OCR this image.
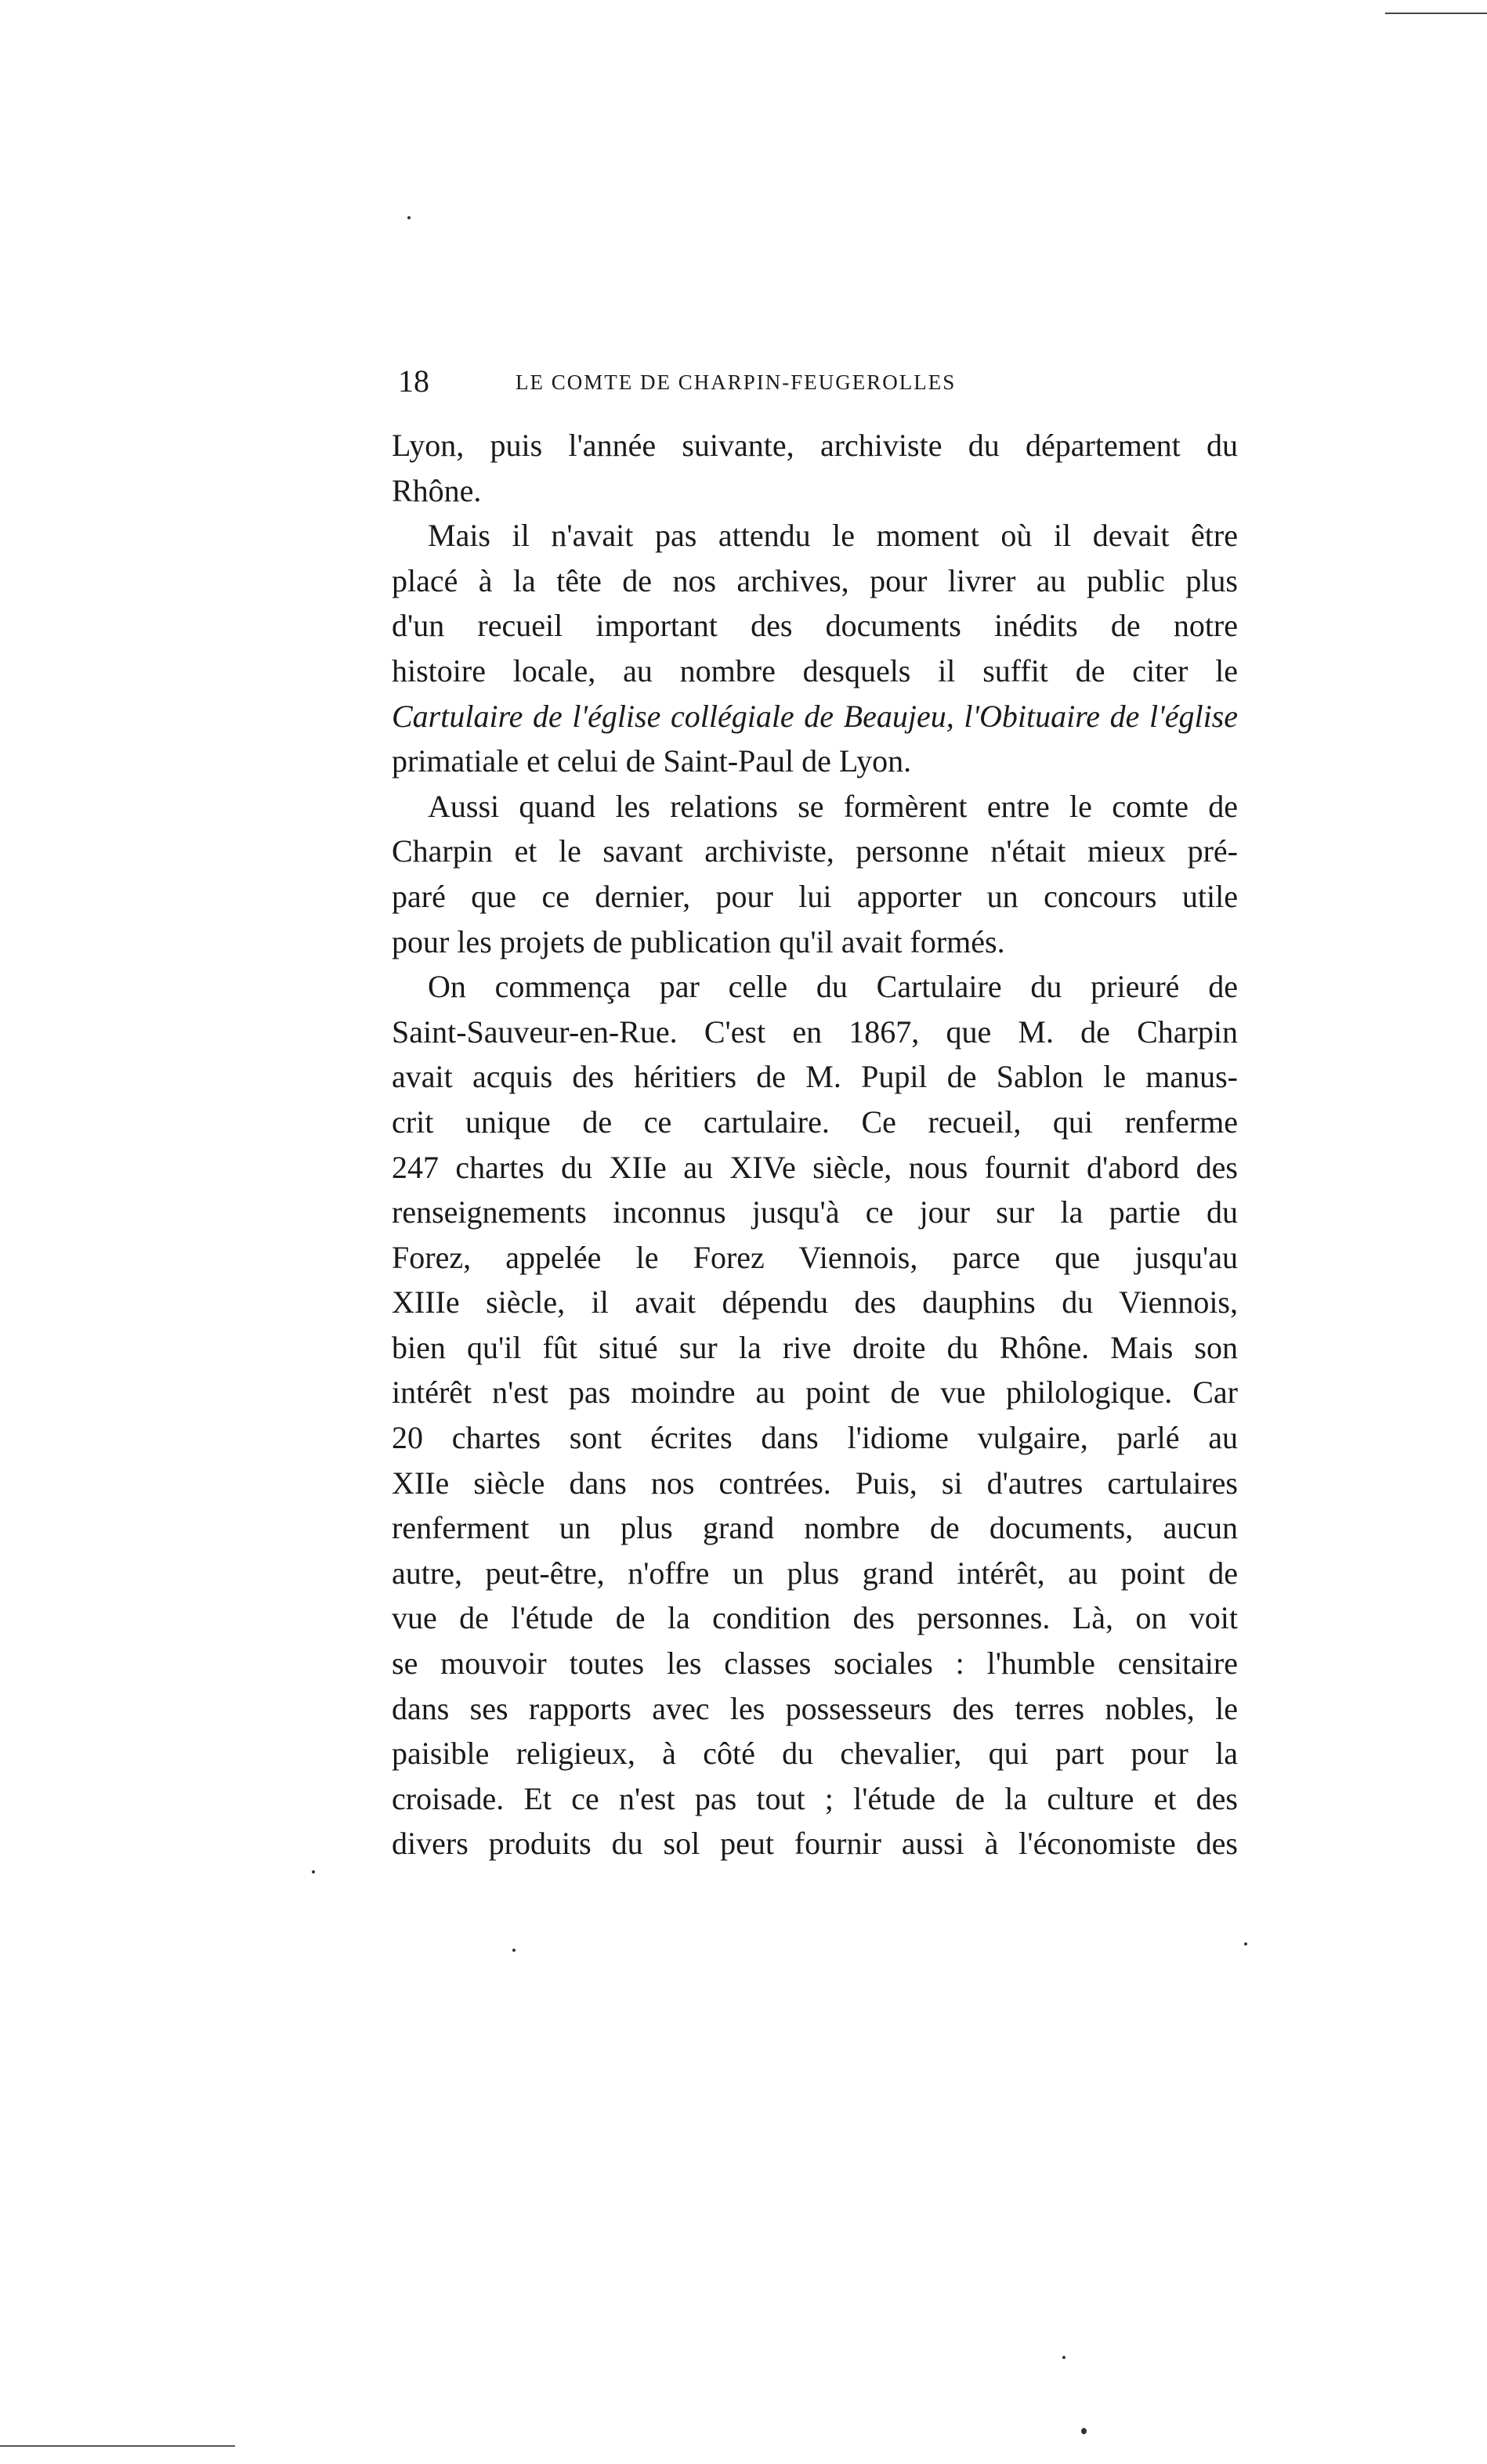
18	LE COMTE DE CHARPIN-FEUGEROLLES
Lyon, puis l'année suivante, archiviste du département du
Rhône.
Mais il n'avait pas attendu le moment où il devait être
placé à la tête de nos archives, pour livrer au public plus
d'un recueil important des documents inédits de notre
histoire locale, au nombre desquels il suffit de citer le
Cartulaire de l'église collégiale de Beaujeu, l'Obituaire de l'église
primatiale et celui de Saint-Paul de Lyon.
Aussi quand les relations se formèrent entre le comte de
Charpin et le savant archiviste, personne n'était mieux pré-
paré que ce dernier, pour lui apporter un concours utile
pour les projets de publication qu'il avait formés.
On commença par celle du Cartulaire du prieuré de
Saint-Sauveur-en-Rue. C'est en 1867, que M. de Charpin
avait acquis des héritiers de M. Pupil de Sablon le manus-
crit unique de ce cartulaire. Ce recueil, qui renferme
247 chartes du XIIe au XIVe siècle, nous fournit d'abord des
renseignements inconnus jusqu'à ce jour sur la partie du
Forez, appelée le Forez Viennois, parce que jusqu'au
XIIIe siècle, il avait dépendu des dauphins du Viennois,
bien qu'il fût situé sur la rive droite du Rhône. Mais son
intérêt n'est pas moindre au point de vue philologique. Car
20 chartes sont écrites dans l'idiome vulgaire, parlé au
XIIe siècle dans nos contrées. Puis, si d'autres cartulaires
renferment un plus grand nombre de documents, aucun
autre, peut-être, n'offre un plus grand intérêt, au point de
vue de l'étude de la condition des personnes. Là, on voit
se mouvoir toutes les classes sociales : l'humble censitaire
dans ses rapports avec les possesseurs des terres nobles, le
paisible religieux, à côté du chevalier, qui part pour la
croisade. Et ce n'est pas tout ; l'étude de la culture et des
divers produits du sol peut fournir aussi à l'économiste des
